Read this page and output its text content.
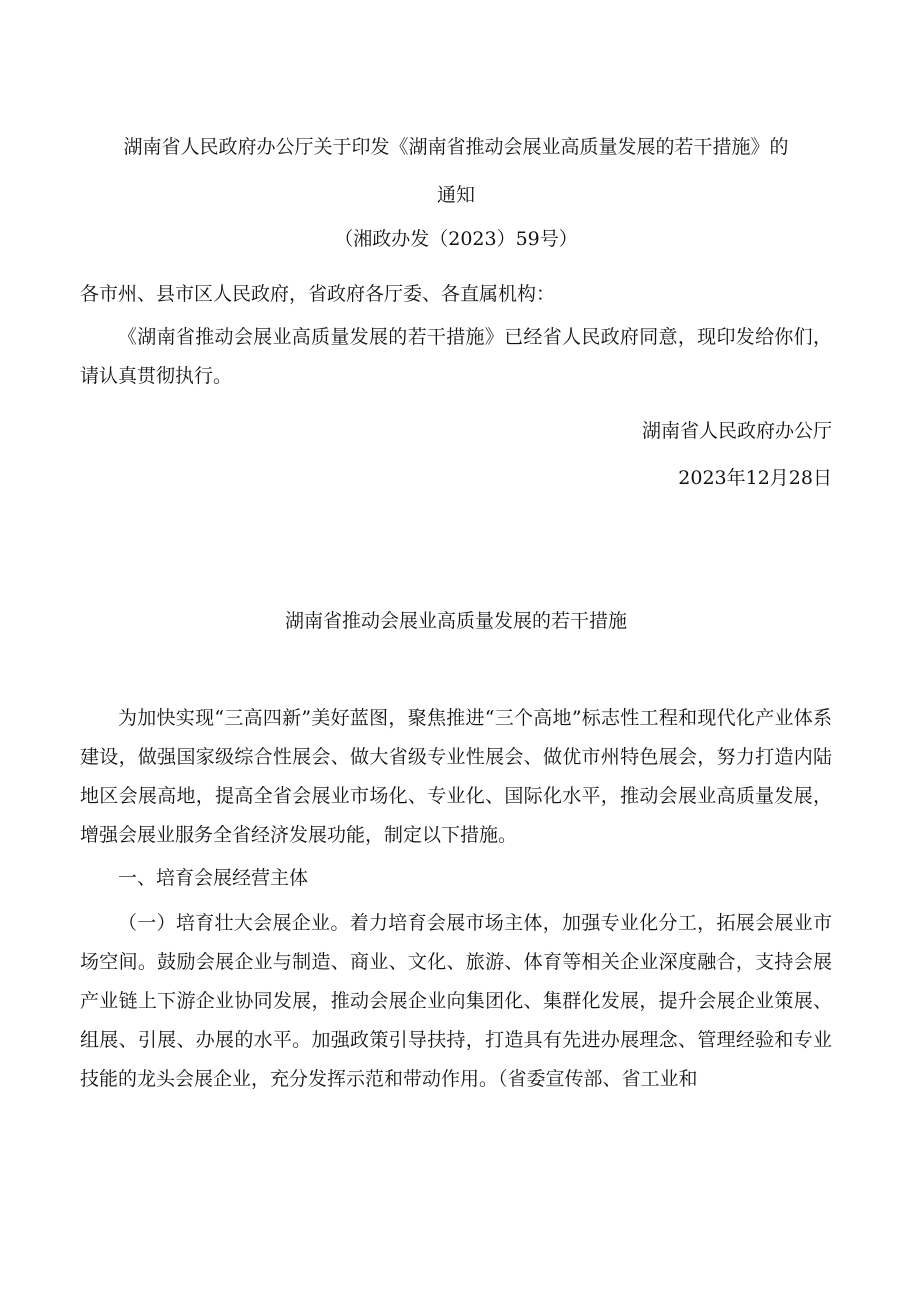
湖南省人民政府办公厅关于印发《湖南省推动会展业高质量发展的若干措施》的

通知

（湘政办发（2023）59号）

各市州、县市区人民政府，省政府各厅委、各直属机构：

《湖南省推动会展业高质量发展的若干措施》已经省人民政府同意，现印发给你们，请认真贯彻执行。

湖南省人民政府办公厅

2023年12月28日

湖南省推动会展业高质量发展的若干措施

为加快实现“三高四新”美好蓝图，聚焦推进“三个高地”标志性工程和现代化产业体系建设，做强国家级综合性展会、做大省级专业性展会、做优市州特色展会，努力打造内陆地区会展高地，提高全省会展业市场化、专业化、国际化水平，推动会展业高质量发展，增强会展业服务全省经济发展功能，制定以下措施。

一、培育会展经营主体

（一）培育壮大会展企业。着力培育会展市场主体，加强专业化分工，拓展会展业市场空间。鼓励会展企业与制造、商业、文化、旅游、体育等相关企业深度融合，支持会展产业链上下游企业协同发展，推动会展企业向集团化、集群化发展，提升会展企业策展、组展、引展、办展的水平。加强政策引导扶持，打造具有先进办展理念、管理经验和专业技能的龙头会展企业，充分发挥示范和带动作用。（省委宣传部、省工业和
